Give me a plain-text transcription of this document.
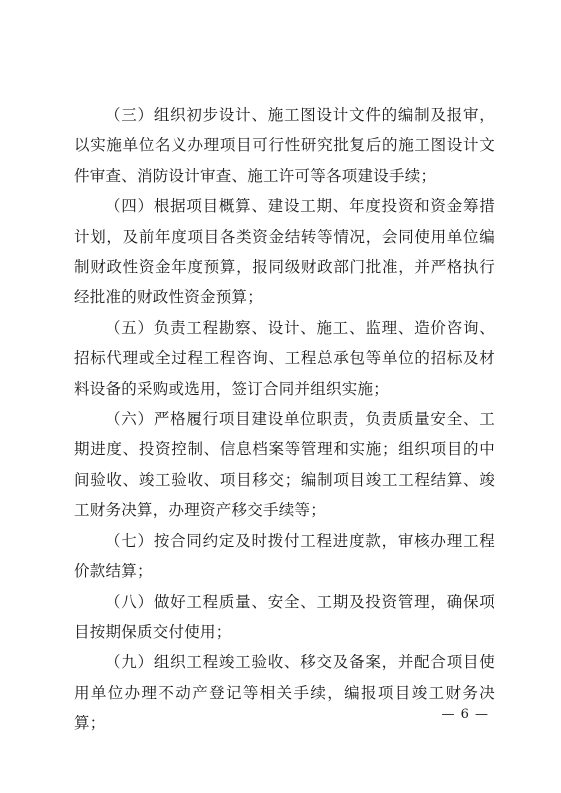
（三）组织初步设计、施工图设计文件的编制及报审，以实施单位名义办理项目可行性研究批复后的施工图设计文件审查、消防设计审查、施工许可等各项建设手续；

（四）根据项目概算、建设工期、年度投资和资金筹措计划，及前年度项目各类资金结转等情况，会同使用单位编制财政性资金年度预算，报同级财政部门批准，并严格执行经批准的财政性资金预算；

（五）负责工程勘察、设计、施工、监理、造价咨询、招标代理或全过程工程咨询、工程总承包等单位的招标及材料设备的采购或选用，签订合同并组织实施；

（六）严格履行项目建设单位职责，负责质量安全、工期进度、投资控制、信息档案等管理和实施；组织项目的中间验收、竣工验收、项目移交；编制项目竣工工程结算、竣工财务决算，办理资产移交手续等；

（七）按合同约定及时拨付工程进度款，审核办理工程价款结算；

（八）做好工程质量、安全、工期及投资管理，确保项目按期保质交付使用；

（九）组织工程竣工验收、移交及备案，并配合项目使用单位办理不动产登记等相关手续，编报项目竣工财务决算；	— 6 —
